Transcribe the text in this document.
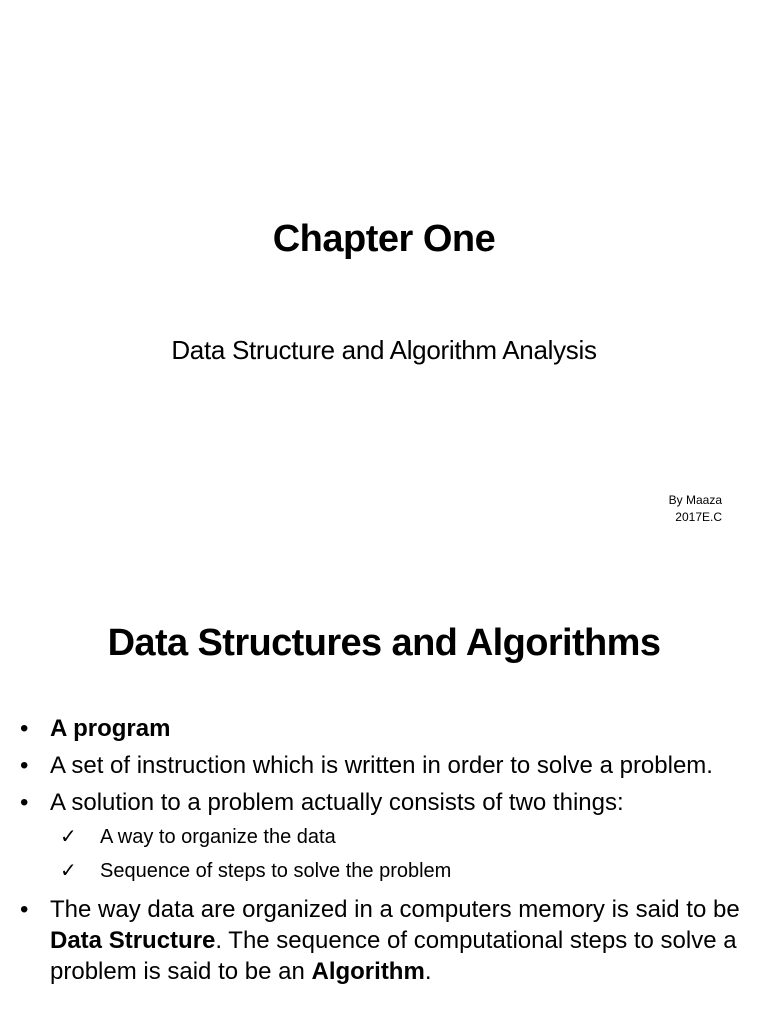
Chapter One

Data Structure and Algorithm Analysis

By Maaza
2017E.C
Data Structures and Algorithms
• A program
• A set of instruction which is written in order to solve a problem.
• A solution to a problem actually consists of two things:
✓ A way to organize the data
✓ Sequence of steps to solve the problem
• The way data are organized in a computers memory is said to be Data Structure. The sequence of computational steps to solve a problem is said to be an Algorithm.
